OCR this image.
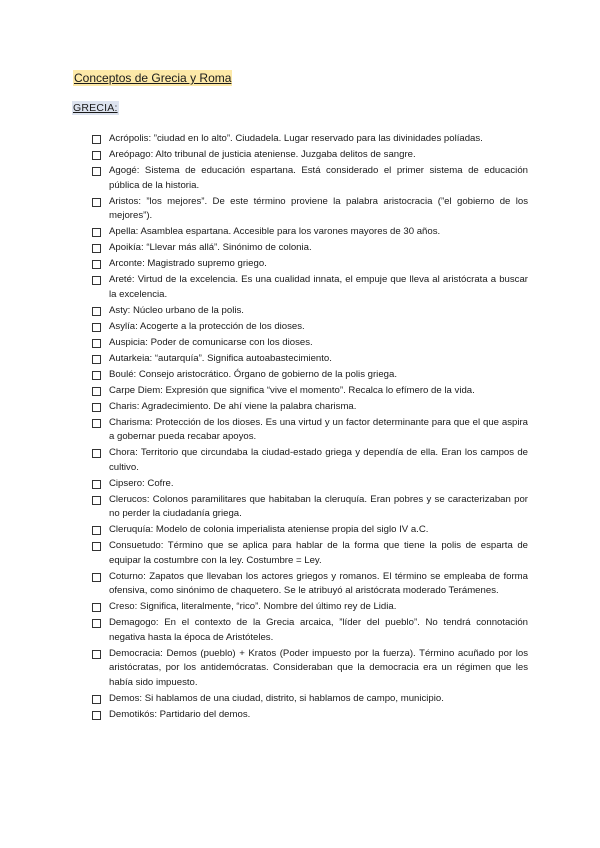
Conceptos de Grecia y Roma
GRECIA:
Acrópolis: ”ciudad en lo alto”. Ciudadela. Lugar reservado para las divinidades políadas.
Areópago: Alto tribunal de justicia ateniense. Juzgaba delitos de sangre.
Agogé: Sistema de educación espartana. Está considerado el primer sistema de educación pública de la historia.
Aristos: ”los mejores”. De este término proviene la palabra aristocracia (”el gobierno de los mejores”).
Apella: Asamblea espartana. Accesible para los varones mayores de 30 años.
Apoikía: “Llevar más allá”. Sinónimo de colonia.
Arconte: Magistrado supremo griego.
Areté: Virtud de la excelencia. Es una cualidad innata, el empuje que lleva al aristócrata a buscar la excelencia.
Asty: Núcleo urbano de la polis.
Asylía: Acogerte a la protección de los dioses.
Auspicia: Poder de comunicarse con los dioses.
Autarkeia: “autarquía”. Significa autoabastecimiento.
Boulé: Consejo aristocrático. Órgano de gobierno de la polis griega.
Carpe Diem: Expresión que significa “vive el momento”. Recalca lo efímero de la vida.
Charis: Agradecimiento. De ahí viene la palabra charisma.
Charisma: Protección de los dioses. Es una virtud y un factor determinante para que el que aspira a gobernar pueda recabar apoyos.
Chora: Territorio que circundaba la ciudad-estado griega y dependía de ella. Eran los campos de cultivo.
Cipsero: Cofre.
Clerucos: Colonos paramilitares que habitaban la cleruquía. Eran pobres y se caracterizaban por no perder la ciudadanía griega.
Cleruquía: Modelo de colonia imperialista ateniense propia del siglo IV a.C.
Consuetudo: Término que se aplica para hablar de la forma que tiene la polis de esparta de equipar la costumbre con la ley. Costumbre = Ley.
Coturno: Zapatos que llevaban los actores griegos y romanos. El término se empleaba de forma ofensiva, como sinónimo de chaquetero. Se le atribuyó al aristócrata moderado Terámenes.
Creso: Significa, literalmente, “rico”. Nombre del último rey de Lidia.
Demagogo: En el contexto de la Grecia arcaica, ”líder del pueblo”. No tendrá connotación negativa hasta la época de Aristóteles.
Democracia: Demos (pueblo) + Kratos (Poder impuesto por la fuerza). Término acuñado por los aristócratas, por los antidemócratas. Consideraban que la democracia era un régimen que les había sido impuesto.
Demos: Si hablamos de una ciudad, distrito, si hablamos de campo, municipio.
Demotikós: Partidario del demos.
